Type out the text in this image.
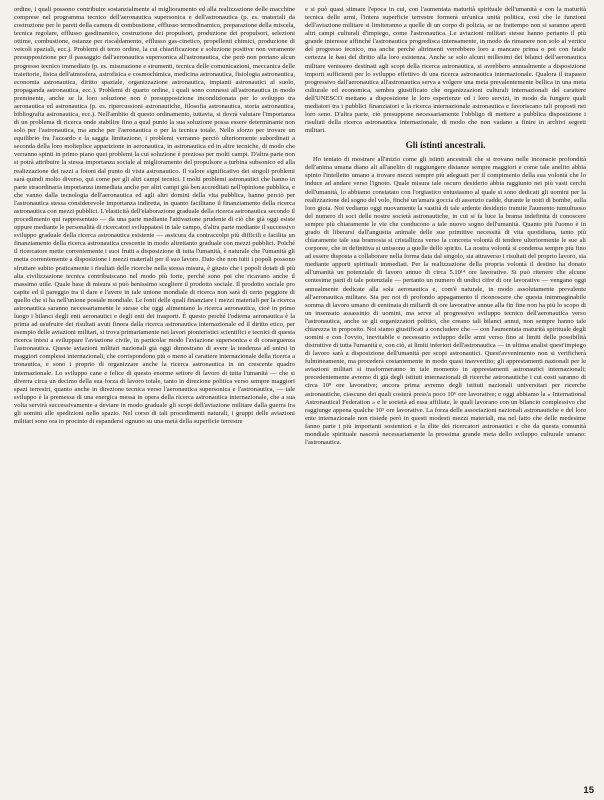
ordine, i quali possono contribuire sostanzialmente al miglioramento ed alla realizzazione delle macchine comprese nel programma tecnico dell'aeronautica supersonica e dell'astronautica (p. es. materiali da costruzione per le pareti della camera di combustione, efflusso termodinamico, preparazione della miscela, tecnica regolare, efflusso gasdinamico, costruzione dei propulsori, produzione dei propulsori, selezioni ottime, combustione, ostanze per riscaldamento, efflusso gas-cinetico, propellenti chimici, produzione di veicoli spaziali, ecc.). Problemi di terzo ordine, la cui chiarificazione e soluzione positive non veramente presupposizione per il passaggio dall'aeronautica supersonica all'astronautica, che però non portano alcun progresso tecnico immediato (p. es. misurazione e strumenti, tecnica delle comunicazioni, meccanica delle traiettorie, fisica dell'atmosfera, astrofisica e cosmochimica, medicina astronautica, fisiologia astronautica, economia astronautica, diritto spaziale, organizzazione astronautica, impianti astronautici al suolo, propaganda astronautica, ecc.). Problemi di quarto ordine, i quali sono connessi all'astronautica in modo preminente, anche se la loro soluzione non è presupposizione incondizionata per lo sviluppo tra aeronautica ed astronautica (p. es. ripercussioni astronautiche, filosofia astronautica, storia astronautica, bibliografia astronautica, ecc.). Nell'ambito di questo ordinamento, tuttavia, si dovrà valutare l'importanza di un problema di ricerca onde stabilire fino a qual punto la sua soluzione possa essere determinante non solo per l'astronautica, ma anche per l'aeronautica o per la tecnica totale. Nello sforzo per trovare un equilibrio fra l'azzardo e la saggia limitazione, i problemi verranno perciò ulteriormente subordinati a seconda della loro molteplice apparizione in aeronautica, in astronautica ed in altre tecniche, di modo che verranno spinti in primo piano quei problemi la cui soluzione è preziosa per molti campi. D'altra parte non si potrà attribuire la stessa importanza sociale al miglioramento del propulsore a turbina subsonico ed alla realizzazione dei razzi a fotoni dal punto di vista astronautico. Il valore significativo dei singoli problemi sarà quindi molto diverso, qui come per gli altri campi tecnici. I molti problemi astronautici che hanno in parte straordinaria importanza immediata anche per altri campi già ben accreditati nell'opinione pubblica, e che vanno dalla tecnologia dell'aeronautica ed agli altri domini della vita pubblica, hanno perciò per l'astronautica stessa considerevole importanza indiretta, in quanto facilitano il finanziamento della ricerca astronautica con mezzi pubblici. L'elasticità dell'elaborazione graduale della ricerca astronautica secondo il procedimento qui rappresentato — da una parte mediante l'attivazione prudente di ciò che già oggi esiste oppure mediante le personalità di ricercatori sviluppatesi in tale campo, d'altra parte mediante il successivo sviluppo graduale della ricerca astronautica esistente — assicura da contraccolpi più difficili e facilita un finanziamento della ricerca astronautica crescente in modo altrettanto graduale con mezzi pubblici. Poiché il ricercatore mette correntemente i suoi frutti a disposizione di tutta l'umanità, è naturale che l'umanità gli metta correntemente a disposizione i mezzi materiali per il suo lavoro. Dato che non tutti i popoli possono sfruttare subito praticamente i risultati delle ricerche nella stessa misura, è giusto che i popoli dotati di più alta civilizzazione tecnica contribuiscano nel modo più forte, perché sono poi che ricavano anche il massimo utile. Quale base di misura si può benissimo scegliere il prodotto sociale. Il prodotto sociale pro capite ed il pareggio tra il dare e l'avere in tale unione mondiale di ricerca non sarà di certo peggiore di quello che si ha nell'unione postale mondiale. Le fonti delle quali finanziare i mezzi materiali per la ricerca astronautica saranno necessariamente le stesse che oggi alimentano la ricerca aeronautica, cioè in primo luogo i bilanci degli enti aeronautici e degli enti dei trasporti. È questo perché l'odierna aeronautica è la prima ad usufruire dei risultati avuti finora dalla ricerca astronautica internazionale ed il diritto etico, per esempio delle aviazioni militari, si trova primariamente nei lavori pionieristici scientifici e tecnici di questa ricerca intesi a sviluppare l'aviazione civile, in particolar modo l'aviazione supersonica e di conseguenza l'astronautica. Queste aviazioni militari nazionali già oggi dimostrano di avere la tendenza ad unirsi in maggiori complessi internazionali, che corrispondono più o meno al carattere internazionale della ricerca a tronautica, e sono i proprio di organizzare anche la ricerca astronautica in un crescente quadro internazionale. Lo sviluppo cane e felice di questo enorme settore di lavoro di tutta l'umanità — che si diverra circa un decimo della sua forza di lavoro totale, tanto in direzione politica verso sempre maggiori spazi terrestri, quanto anche in direzione tecnica verso l'aeronautica supersonica e l'astronautica, — tale sviluppo è la premessa di una energica messa in opera della ricerca astronautica internazionale, che a sua volta servirà successivamente a deviare in modo graduale gli scopi dell'aviazione militare dalla guerra fra gli uomini alle spedizioni nello spazio. Nel corso di tali procedimenti naturali, i gruppi delle aviazioni militari sono ora in procinto di espandersi ognuno su una metà della superficie terrestre

e si può quasi stimare l'epoca in cui, con l'aumentata maturità spirituale dell'umanità e con la maturità tecnica delle armi, l'intera superficie terrestre formerà un'unica unità politica, così che le funzioni dell'aviazione militare si limiteranno a quelle di un corpo di polizia, se ne frattempo non si saranno aperti altri campi culturali d'impiego, come l'astronautica. Le aviazioni militari stesse hanno pertanto il più grande interesse affinché l'astronautica progredisca intensamente, in modo da rimanere non solo al vertice del progresso tecnico, ma anche perché altrimenti verrebbero loro a mancare prima o poi con fatale certezza le basi del diritto alla loro esistenza. Anche se solo alcuni millesimi dei bilanci dell'aeronautica militare venissero destinati agli scopi della ricerca astronautica, si avrebbero annualmente a disposizione importi sufficienti per lo sviluppo effettivo di una ricerca astronautica internazionale. Qualora il trapasso progressivo dall'aeronautica all'astronautica serva a volgere una meta prevalentemente bellica in una meta culturale ed economica, sembra giustificato che organizzazioni culturali internazionali del carattere dell'UNESCO mettano a disposizione le loro esperienze ed i loro servizi, in modo da fungere quali mediatori tra i pubblici finanziatori e la ricerca internazionale astronautica e favoriscano tali proposti nei loro seno. D'altra parte, ciò presuppone necessariamente l'obbligo di mettere a pubblica disposizione i risultati della ricerca astronautica internazionale, di modo che non vadano a finire in archivi segreti militari.

Gli istinti ancestrali.

Ho tentato di mostrare all'inizio come gli istinti ancestrali che si trovano nelle inconscie profondità dell'anima umana diano ali all'anelito di raggiungere distanze sempre maggiori e come tale anelito abbia spinto l'intelletto umano a trovare mezzi sempre più adeguati per il compimento della sua volontà che lo induce ad andare verso l'ignoto. Quale misura tale oscuro desiderio abbia raggiunto nei più vasti cerchi dell'umanità, lo abbiamo constatato con l'orgiastico entusiasmo al quale si sono dedicati gli uomini per la realizzazione del sogno del volo, finché un'amara goccia di assenzio cadde, durante le notti di bombe, sulla loro gioia. Noi vediamo oggi nuovamente la vastità di tale ardente desiderio tramite l'aumento tumultuoso del numero di soci delle nostre società astronautiche, in cui si fa luce la brama indefinita di conoscere sempre più chiaramente le vie che conducono a tale nuovo sogno dell'umanità. Quanto più l'uomo è in grado di liberarsi dall'angustia animale delle sue primitive necessità di vita quotidiana, tanto più chiaramente tale sua bramosia si cristallizza verso la concreta volontà di tendere ulteriormente le sue ali corporee, che in definitiva si unissono a quelle dello spirito. La nostra volontà si condensa sempre più fino ad essere disposta a collaborare nella forma data dal singolo, sia attraverso i risultati del proprio lavoro, sia mediante apporti spirituali immediati. Per la realizzazione della propria volontà il destino ha donato all'umanità un potenziale di lavoro annuo di circa 5.10¹⁴ ore lavorative. Si può ritenere che alcune centesime parti di tale potenziale — pertanto un numero di undici cifre di ore lavorative — vengano oggi annualmente dedicate alla sola aeronautica e, com'è naturale, in modo assolutamente prevalente all'aeronautica militare. Sia per noi di profondo appagamento il riconoscere che questa inimmaginabile somma di lavoro umano di centinaia di miliardi di ore lavorative annue alla fin fine non ha più lo scopo di un insensato assassinio di uomini, ma serve al progressivo sviluppo tecnico dell'aeronautica verso l'astronautica, anche se gli organizzatori politici, che creano tali bilanci annui, non sempre hanno tale chiarezza in proposito. Noi siamo giustificati a concludere che — con l'aumentata maturità spirituale degli uomini e con l'ovvio, inevitabile e necessario sviluppo delle armi verso fino ai limiti delle possibilità distruttive di tutta l'umanità e, con ciò, ai limiti inferiori dell'astronautica — in ultima analisi quest'impiego di lavoro sarà a disposizione dell'umanità per scopi astronautici. Quest'avvenimento non si verificherà fulmineamente, ma procederà costantemente in modo quasi inavvertito; gli apprestamenti nazionali per le aviazioni militari si trasformeranno in tale momento in apprestamenti astronautici internazionali; precedentemente avremo di già degli istituti internazionali di ricerche astronautiche i cui costi saranno di circa 10⁸ ore lavorative; ancora prima avremo degli istituti nazionali universitari per ricerche astronautiche, ciascuno dei quali costerà press'a poco 10⁶ ore lavorative; e oggi abbiamo la « International Astronautical Federation » e le società ad essa affiliate, le quali lavorano con un bilancio complessivo che raggiunge appena qualche 10⁵ ore lavorative. La forza delle associazioni nazionali astronautiche e del loro ente internazionale non risiede però in questi modesti mezzi materiali, ma nel fatto che delle medesime fanno parte i più importanti sostenitori e la élite dei ricercatori astronautici e che da questa comunità mondiale spirituale nascerà necessariamente la prossima grande meta dello sviluppo culturale umano: l'astronautica.

15
